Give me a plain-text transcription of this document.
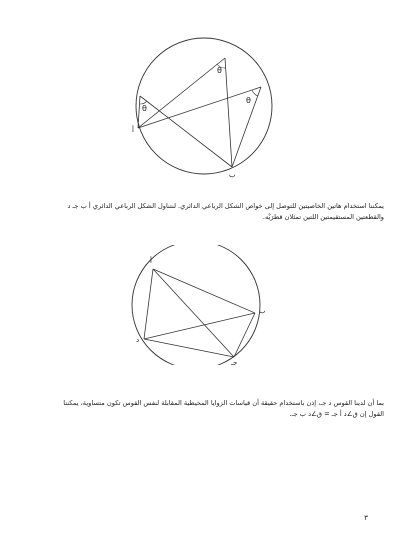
θ
θ
θ
أ
ب
يمكننا استخدام هاتين الخاصيتين للتوصل إلى خواص الشكل الرباعي الدائري. لنتناول الشكل الرباعي الدائري أ ب جـ د
والقطعتين المستقيمتين اللتين تمثلان قطرَيْه.
أ
ب
جـ
د
بما أن لدينا القوس د جـ، إذن باستخدام حقيقة أن قياسات الزوايا المحيطية المقابلة لنفس القوس تكون متساوية، يمكننا
القول إن ق∠د أ جـ = ق∠د ب جـ.
٣
